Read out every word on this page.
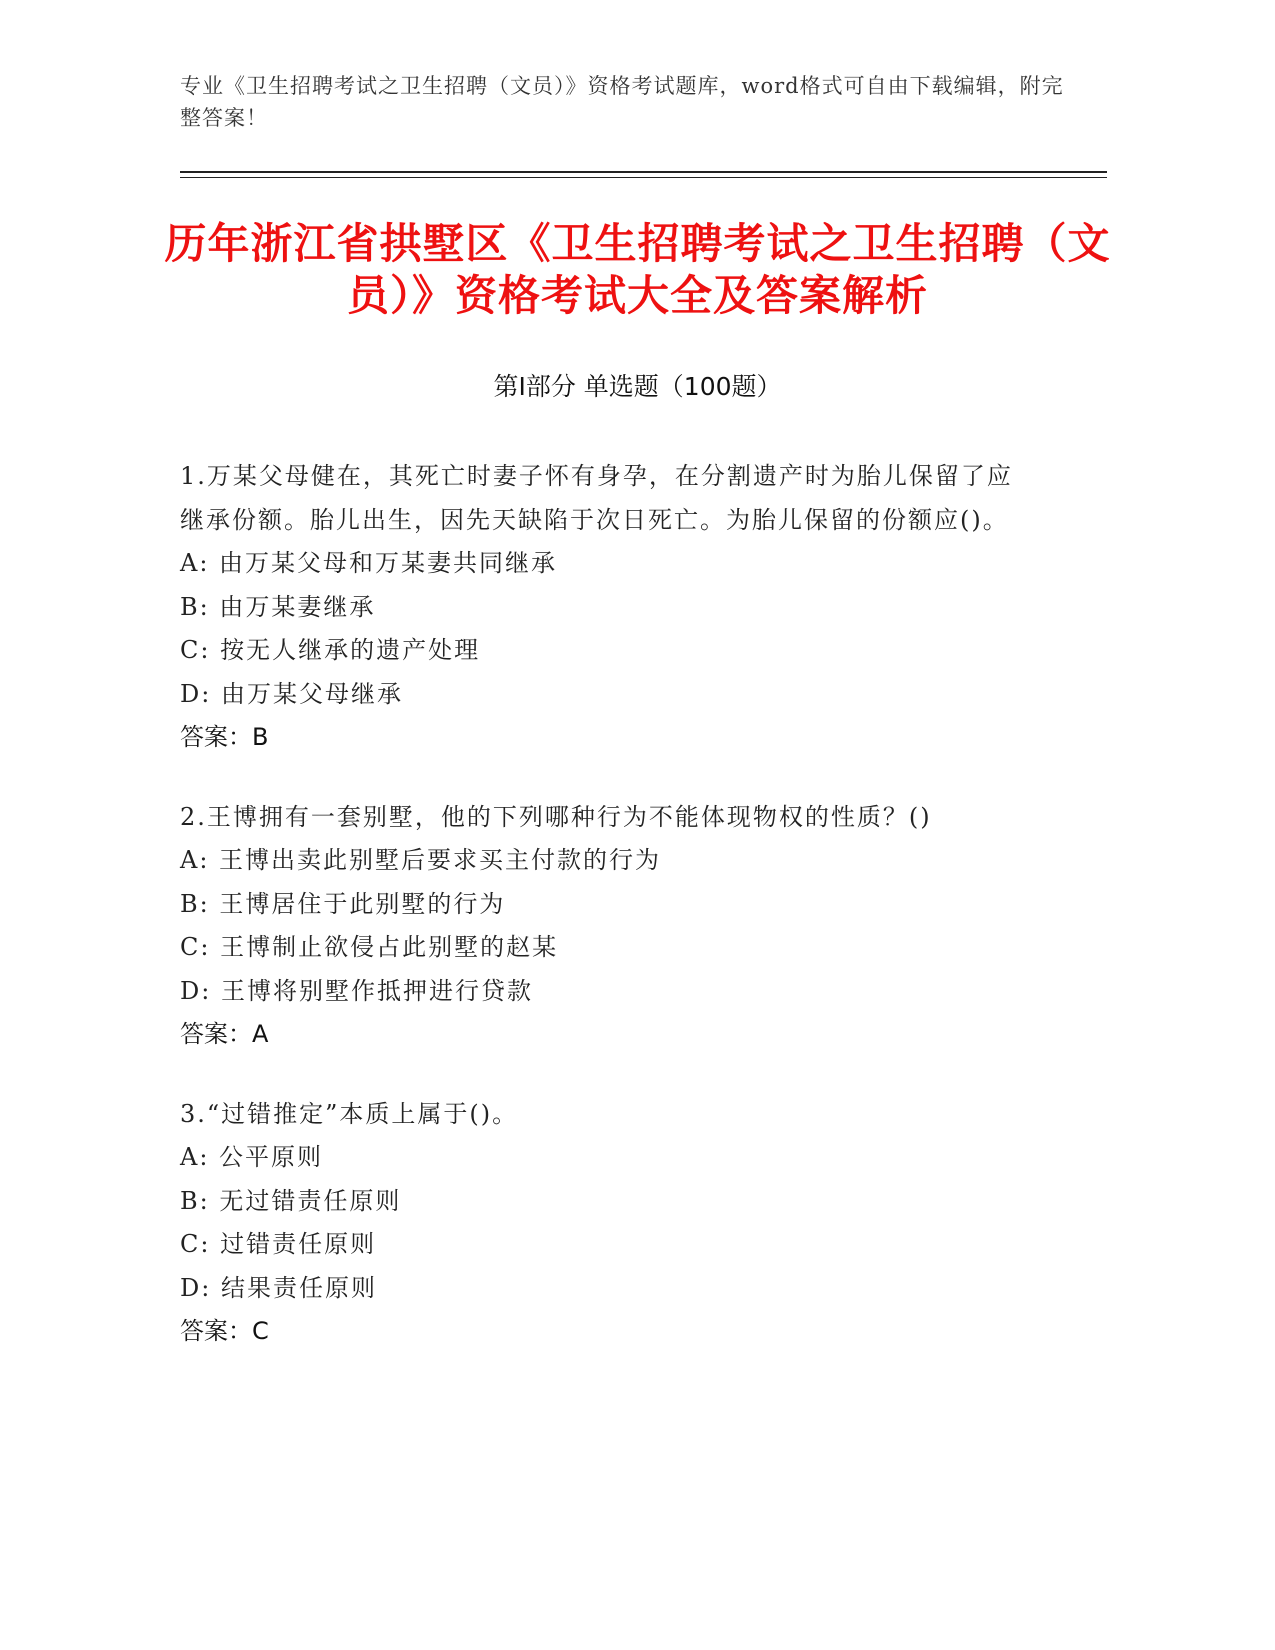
专业《卫生招聘考试之卫生招聘（文员）》资格考试题库，word格式可自由下载编辑，附完整答案！
历年浙江省拱墅区《卫生招聘考试之卫生招聘（文员）》资格考试大全及答案解析
第Ⅰ部分 单选题（100题）
1.万某父母健在，其死亡时妻子怀有身孕，在分割遗产时为胎儿保留了应继承份额。胎儿出生，因先天缺陷于次日死亡。为胎儿保留的份额应()。
A: 由万某父母和万某妻共同继承
B: 由万某妻继承
C: 按无人继承的遗产处理
D: 由万某父母继承
答案：B
2.王博拥有一套别墅，他的下列哪种行为不能体现物权的性质？()
A: 王博出卖此别墅后要求买主付款的行为
B: 王博居住于此别墅的行为
C: 王博制止欲侵占此别墅的赵某
D: 王博将别墅作抵押进行贷款
答案：A
3.“过错推定”本质上属于()。
A: 公平原则
B: 无过错责任原则
C: 过错责任原则
D: 结果责任原则
答案：C
